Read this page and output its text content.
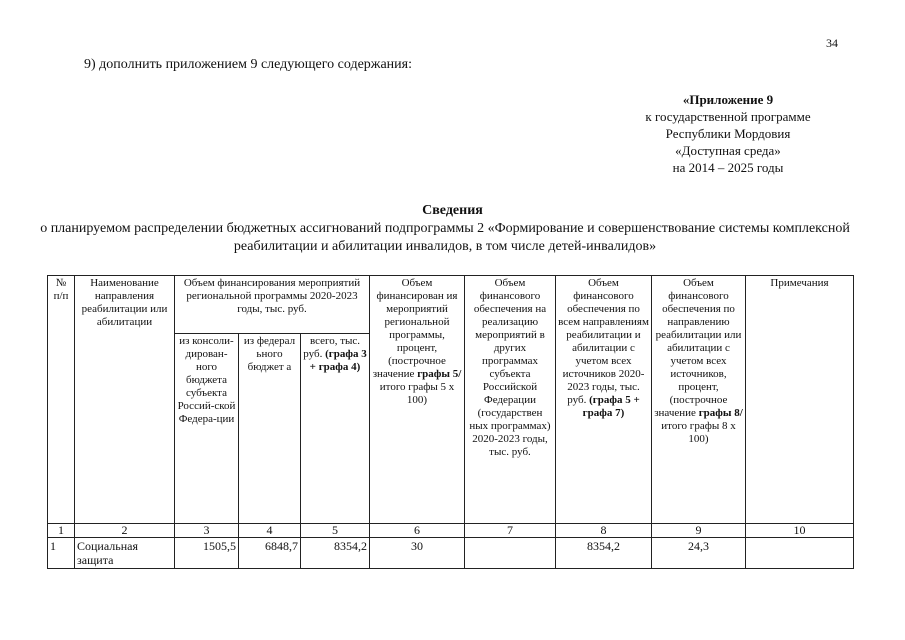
34
9) дополнить приложением 9 следующего содержания:
«Приложение 9
к государственной программе
Республики Мордовия
«Доступная среда»
на 2014 – 2025 годы
Сведения
о планируемом распределении бюджетных ассигнований подпрограммы 2 «Формирование и совершенствование системы комплексной реабилитации и абилитации инвалидов, в том числе детей-инвалидов»
№ п/п	Наименование направления реабилитации или абилитации	Объем финансирования мероприятий региональной программы 2020-2023 годы, тыс. руб.			Объем финансирован ия мероприятий региональной программы, процент, (построчное значение графы 5/ итого графы 5 х 100)	Объем финансового обеспечения на реализацию мероприятий в других программах субъекта Российской Федерации (государствен ных программах) 2020-2023 годы, тыс. руб.	Объем финансового обеспечения по всем направлениям реабилитации и абилитации с учетом всех источников 2020-2023 годы, тыс. руб. (графа 5 + графа 7)	Объем финансового обеспечения по направлению реабилитации или абилитации с учетом всех источников, процент, (построчное значение графы 8/ итого графы 8 х 100)	Примечания
		из консоли-дирован-ного бюджета субъекта Россий-ской Федера-ции	из федерал ьного бюджет а	всего, тыс. руб. (графа 3 + графа 4)					
1	2	3	4	5	6	7	8	9	10
1	Социальная защита	1505,5	6848,7	8354,2	30		8354,2	24,3	
